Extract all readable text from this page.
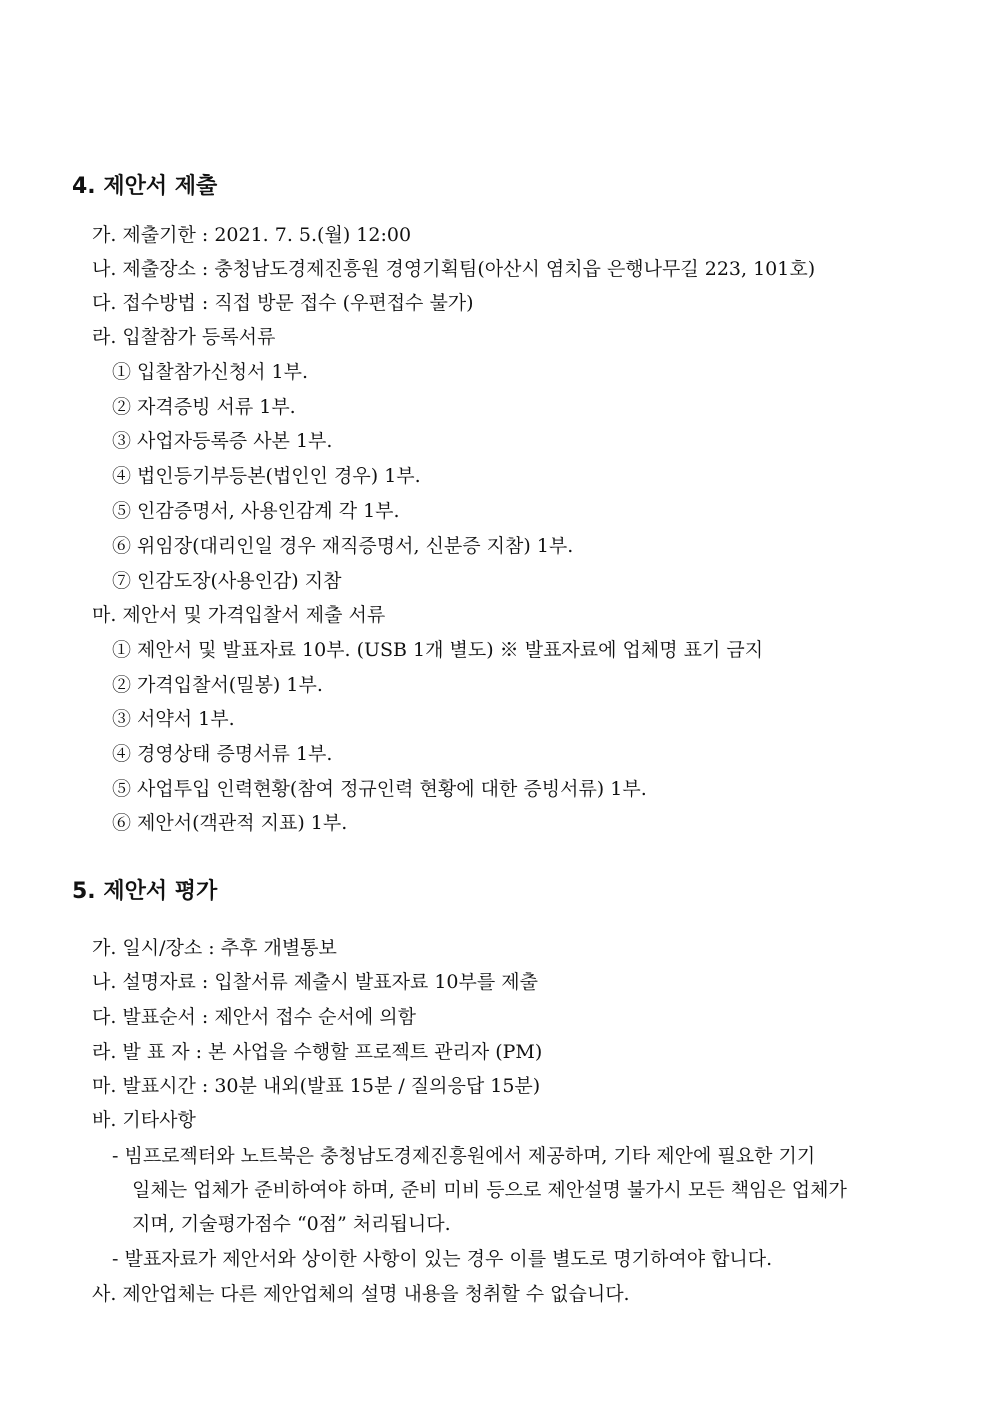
4. 제안서 제출
가. 제출기한 : 2021. 7. 5.(월) 12:00
나. 제출장소 : 충청남도경제진흥원 경영기획팀(아산시 염치읍 은행나무길 223, 101호)
다. 접수방법 : 직접 방문 접수 (우편접수 불가)
라. 입찰참가 등록서류
① 입찰참가신청서 1부.
② 자격증빙 서류 1부.
③ 사업자등록증 사본 1부.
④ 법인등기부등본(법인인 경우) 1부.
⑤ 인감증명서, 사용인감계 각 1부.
⑥ 위임장(대리인일 경우 재직증명서, 신분증 지참) 1부.
⑦ 인감도장(사용인감) 지참
마. 제안서 및 가격입찰서 제출 서류
① 제안서 및 발표자료 10부. (USB 1개 별도) ※ 발표자료에 업체명 표기 금지
② 가격입찰서(밀봉) 1부.
③ 서약서 1부.
④ 경영상태 증명서류 1부.
⑤ 사업투입 인력현황(참여 정규인력 현황에 대한 증빙서류) 1부.
⑥ 제안서(객관적 지표) 1부.
5. 제안서 평가
가. 일시/장소 : 추후 개별통보
나. 설명자료 : 입찰서류 제출시 발표자료 10부를 제출
다. 발표순서 : 제안서 접수 순서에 의함
라. 발 표 자 : 본 사업을 수행할 프로젝트 관리자 (PM)
마. 발표시간 : 30분 내외(발표 15분 / 질의응답 15분)
바. 기타사항
- 빔프로젝터와 노트북은 충청남도경제진흥원에서 제공하며, 기타 제안에 필요한 기기
일체는 업체가 준비하여야 하며, 준비 미비 등으로 제안설명 불가시 모든 책임은 업체가
지며, 기술평가점수 “0점” 처리됩니다.
- 발표자료가 제안서와 상이한 사항이 있는 경우 이를 별도로 명기하여야 합니다.
사. 제안업체는 다른 제안업체의 설명 내용을 청취할 수 없습니다.
